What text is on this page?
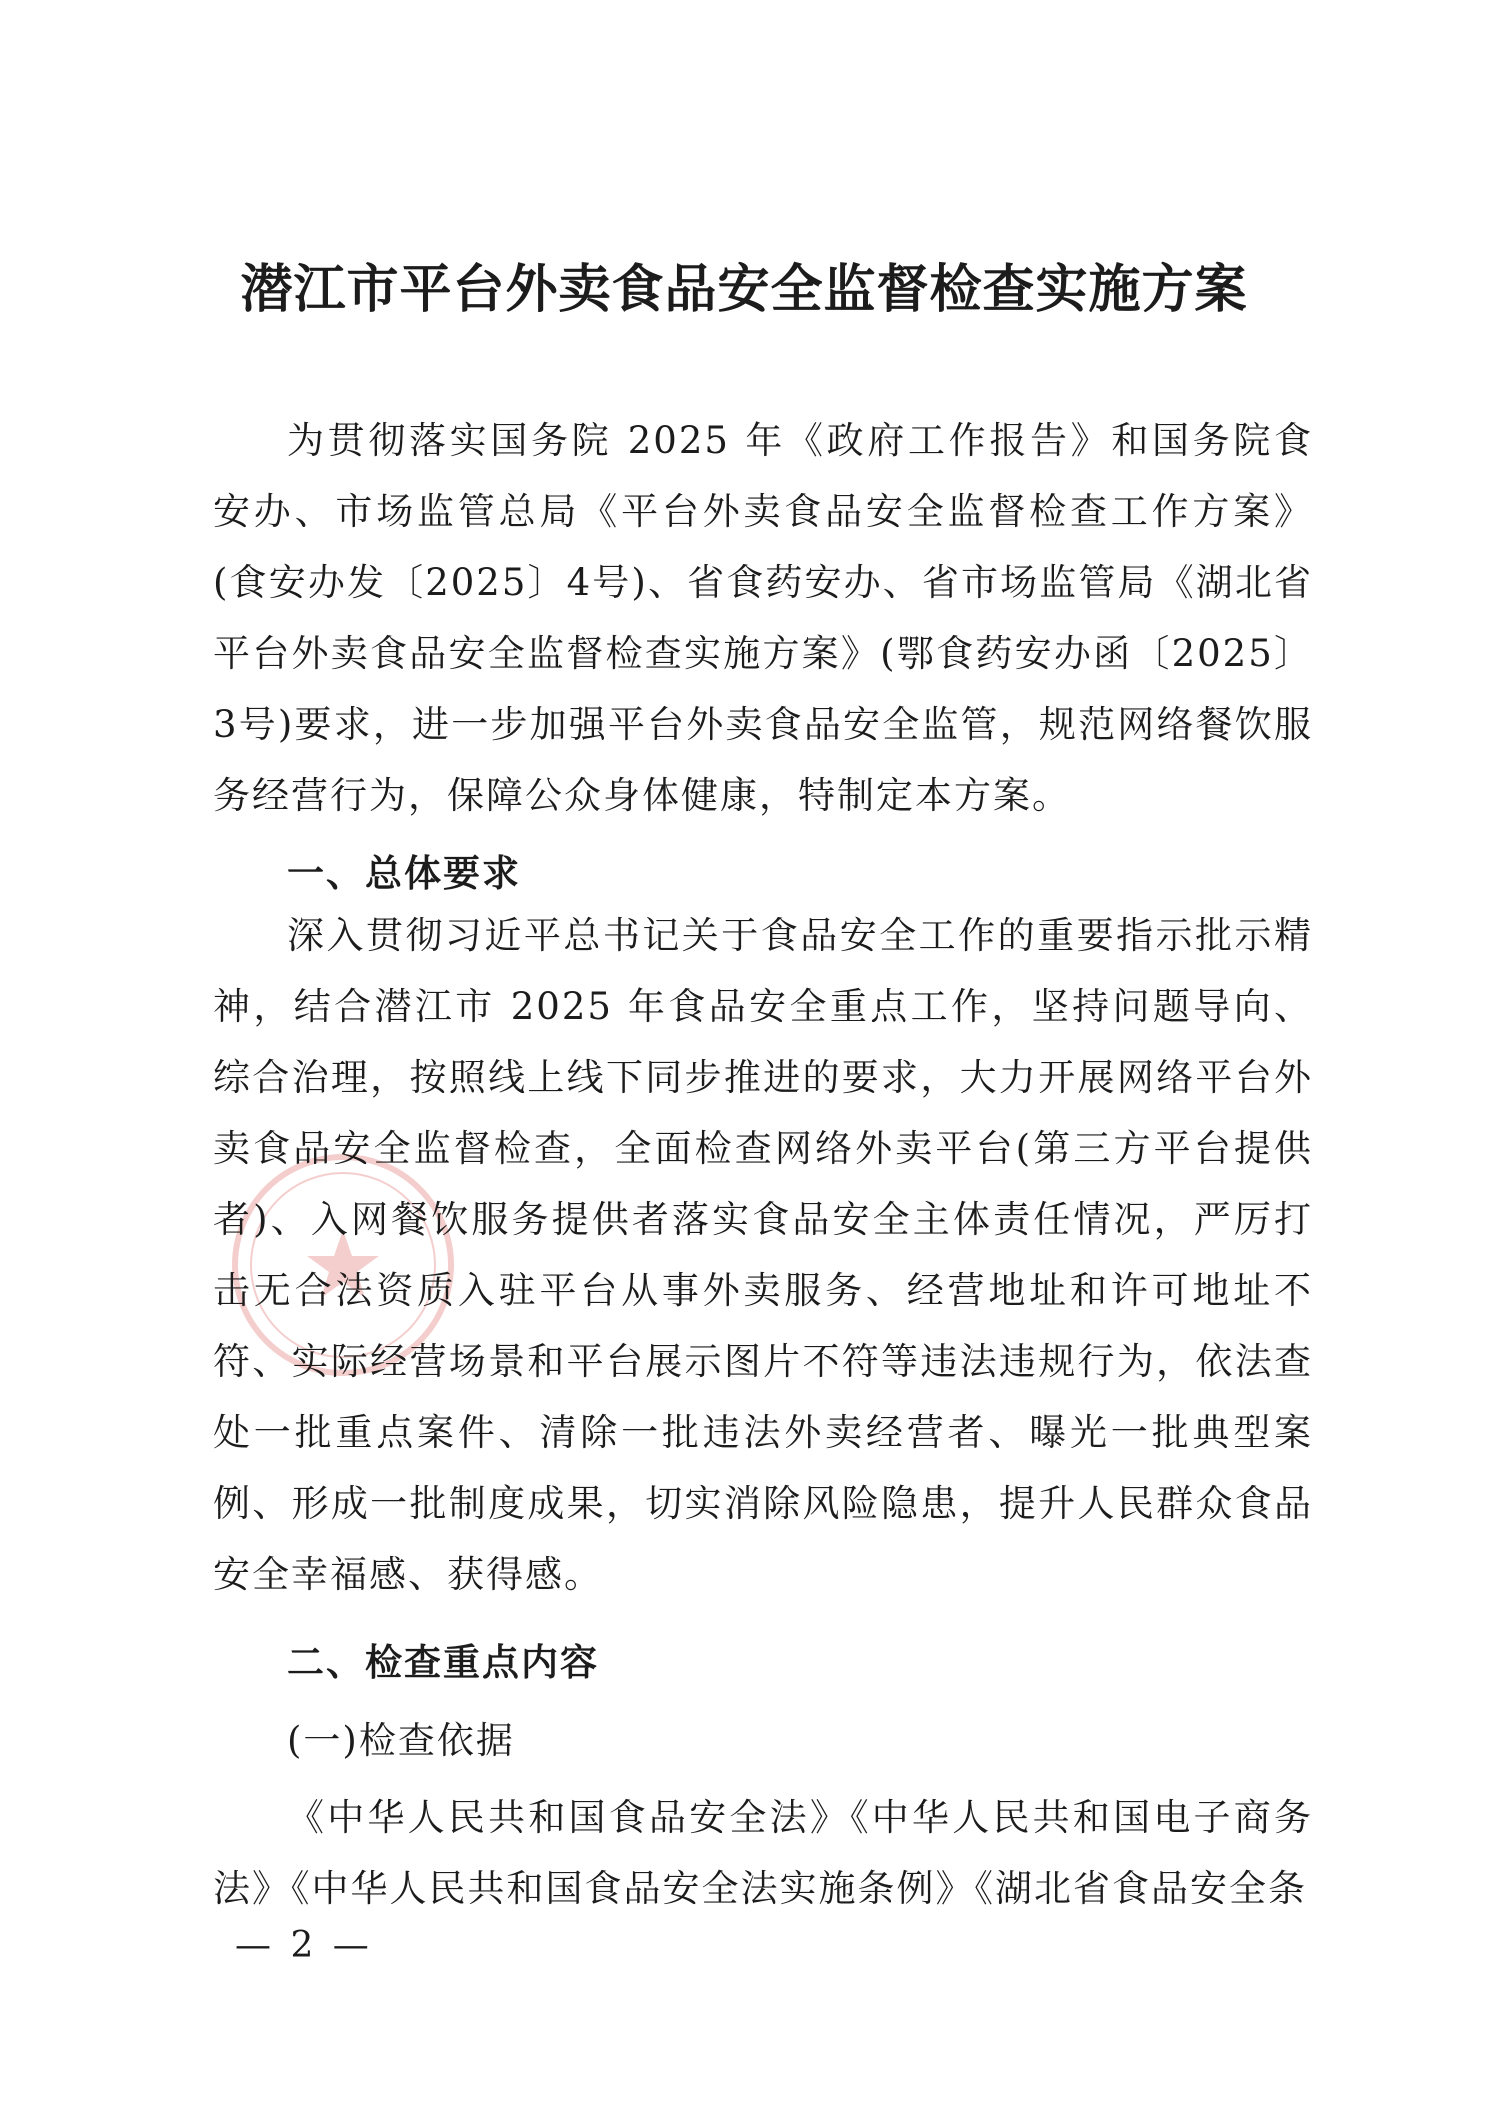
潜江市平台外卖食品安全监督检查实施方案

为贯彻落实国务院 2025 年《政府工作报告》和国务院食安办、市场监管总局《平台外卖食品安全监督检查工作方案》(食安办发〔2025〕4号)、省食药安办、省市场监管局《湖北省平台外卖食品安全监督检查实施方案》(鄂食药安办函〔2025〕3号)要求，进一步加强平台外卖食品安全监管，规范网络餐饮服务经营行为，保障公众身体健康，特制定本方案。

一、总体要求

深入贯彻习近平总书记关于食品安全工作的重要指示批示精神，结合潜江市 2025 年食品安全重点工作，坚持问题导向、综合治理，按照线上线下同步推进的要求，大力开展网络平台外卖食品安全监督检查，全面检查网络外卖平台(第三方平台提供者)、入网餐饮服务提供者落实食品安全主体责任情况，严厉打击无合法资质入驻平台从事外卖服务、经营地址和许可地址不符、实际经营场景和平台展示图片不符等违法违规行为，依法查处一批重点案件、清除一批违法外卖经营者、曝光一批典型案例、形成一批制度成果，切实消除风险隐患，提升人民群众食品安全幸福感、获得感。

二、检查重点内容
(一)检查依据

《中华人民共和国食品安全法》《中华人民共和国电子商务法》《中华人民共和国食品安全法实施条例》《湖北省食品安全条

— 2 —
